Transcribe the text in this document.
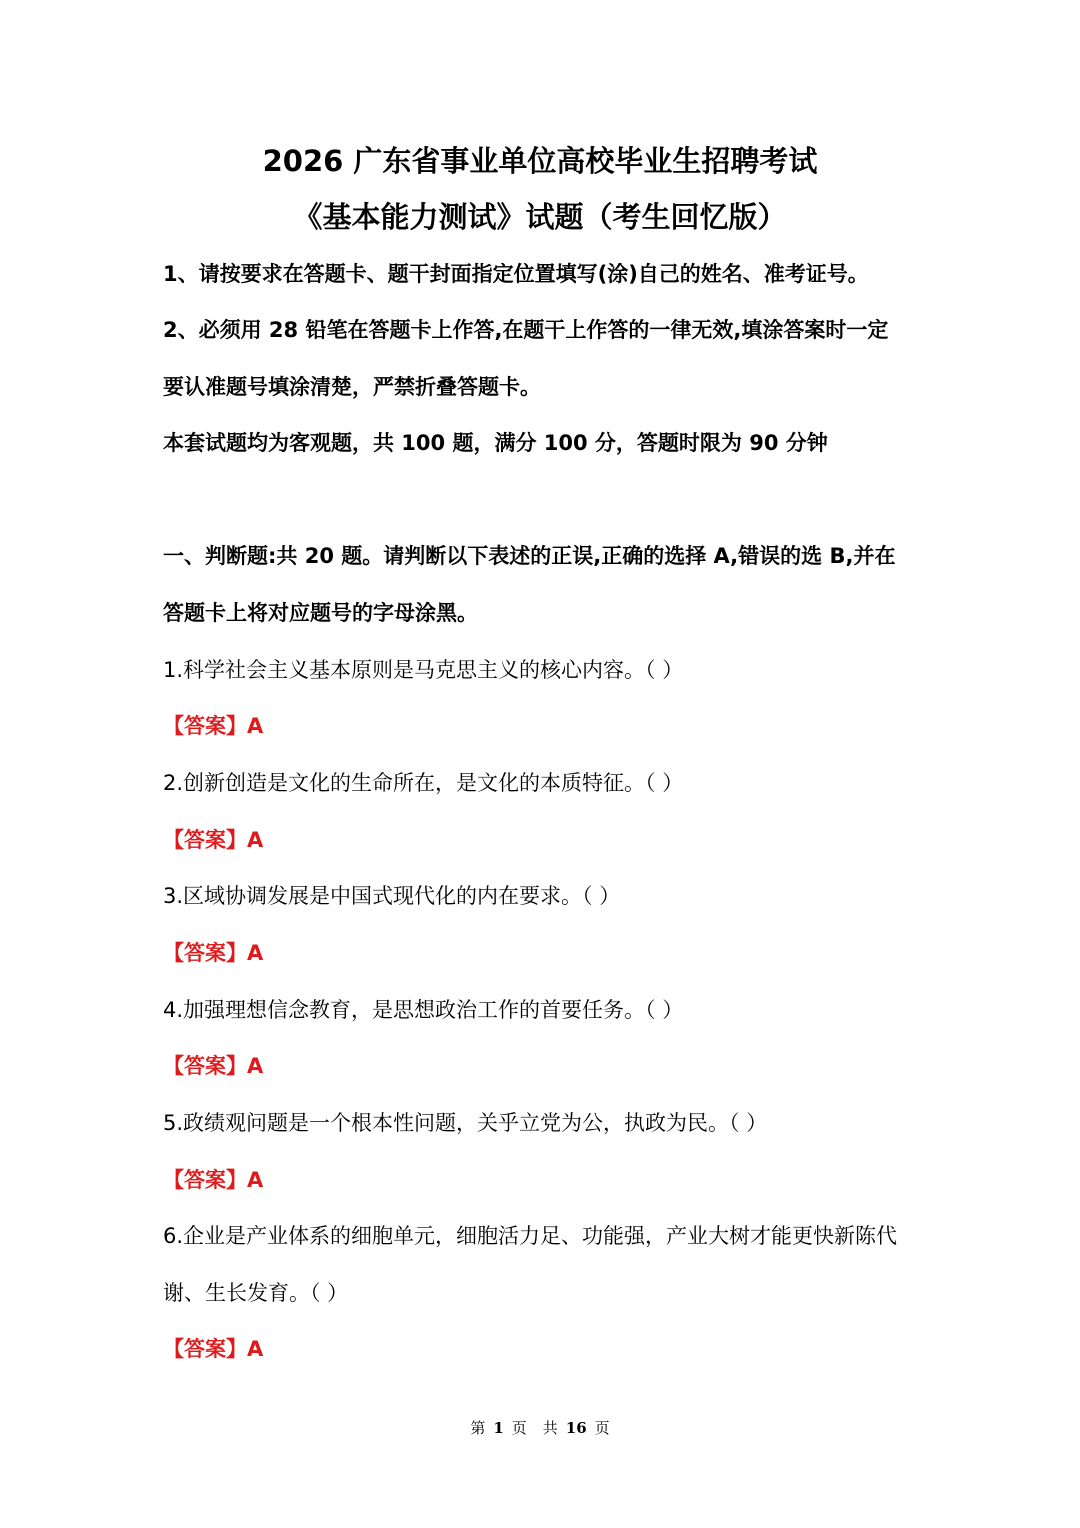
2026 广东省事业单位高校毕业生招聘考试
《基本能力测试》试题（考生回忆版）
1、请按要求在答题卡、题干封面指定位置填写(涂)自己的姓名、准考证号。
2、必须用 28 铅笔在答题卡上作答,在题干上作答的一律无效,填涂答案时一定
要认准题号填涂清楚，严禁折叠答题卡。
本套试题均为客观题，共 100 题，满分 100 分，答题时限为 90 分钟
一、判断题:共 20 题。请判断以下表述的正误,正确的选择 A,错误的选 B,并在
答题卡上将对应题号的字母涂黑。
1.科学社会主义基本原则是马克思主义的核心内容。（ ）
【答案】A
2.创新创造是文化的生命所在，是文化的本质特征。（ ）
【答案】A
3.区域协调发展是中国式现代化的内在要求。（ ）
【答案】A
4.加强理想信念教育，是思想政治工作的首要任务。（ ）
【答案】A
5.政绩观问题是一个根本性问题，关乎立党为公，执政为民。（ ）
【答案】A
6.企业是产业体系的细胞单元，细胞活力足、功能强，产业大树才能更快新陈代
谢、生长发育。（ ）
【答案】A
第 1 页 共 16 页
